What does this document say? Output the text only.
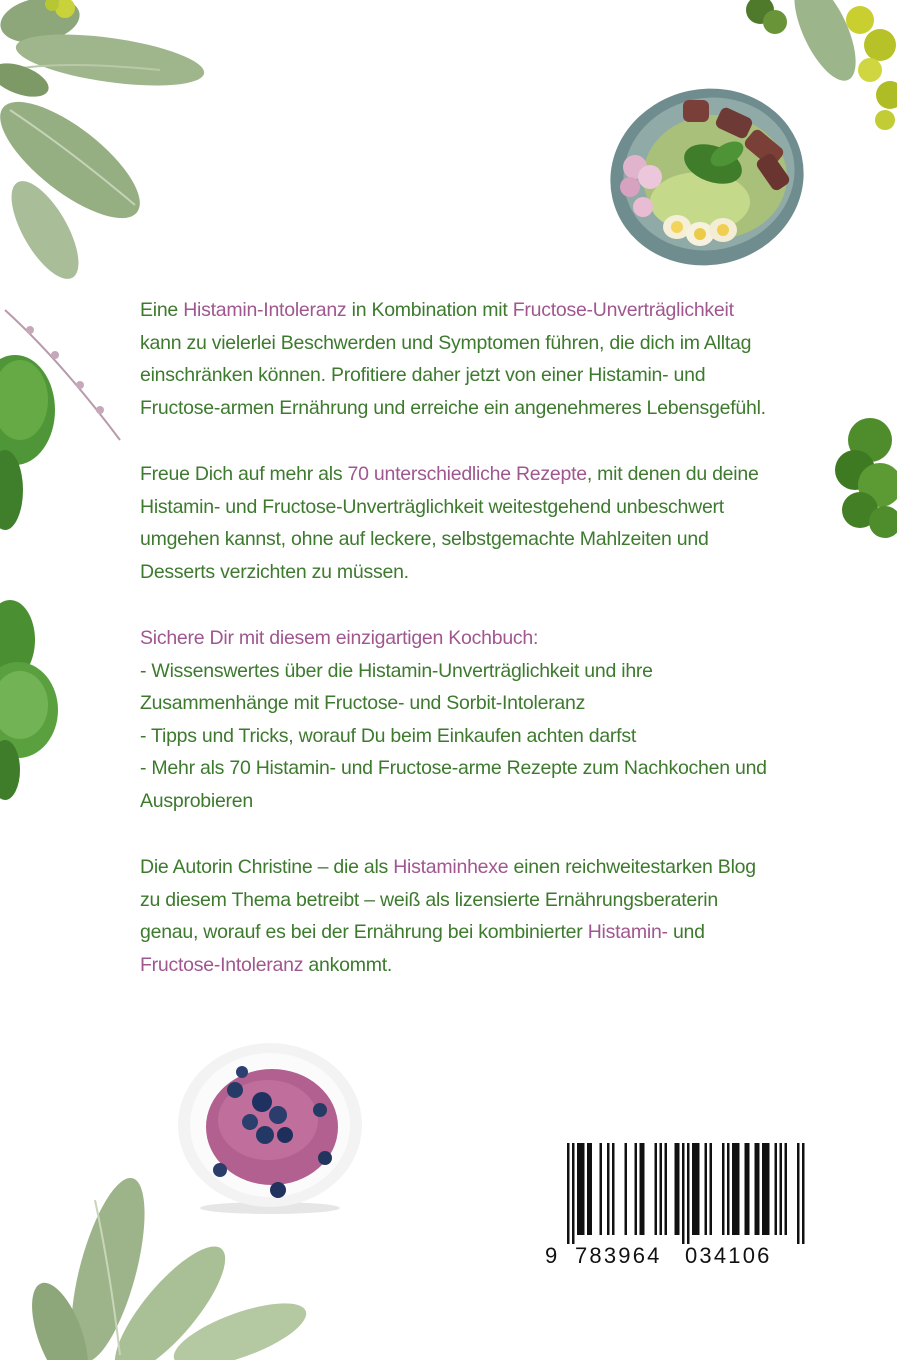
Eine Histamin-Intoleranz in Kombination mit Fructose-Unverträglichkeit

kann zu vielerlei Beschwerden und Symptomen führen, die dich im Alltag

einschränken können. Profitiere daher jetzt von einer Histamin- und

Fructose-armen Ernährung und erreiche ein angenehmeres Lebensgefühl.

Freue Dich auf mehr als 70 unterschiedliche Rezepte, mit denen du deine

Histamin- und Fructose-Unverträglichkeit weitestgehend unbeschwert

umgehen kannst, ohne auf leckere, selbstgemachte Mahlzeiten und

Desserts verzichten zu müssen.

Sichere Dir mit diesem einzigartigen Kochbuch:

- Wissenswertes über die Histamin-Unverträglichkeit und ihre

Zusammenhänge mit Fructose- und Sorbit-Intoleranz

- Tipps und Tricks, worauf Du beim Einkaufen achten darfst

- Mehr als 70 Histamin- und Fructose-arme Rezepte zum Nachkochen und

Ausprobieren

Die Autorin Christine – die als Histaminhexe einen reichweitestarken Blog

zu diesem Thema betreibt – weiß als lizensierte Ernährungsberaterin

genau, worauf es bei der Ernährung bei kombinierter Histamin- und

Fructose-Intoleranz ankommt.

9 783964 034106
